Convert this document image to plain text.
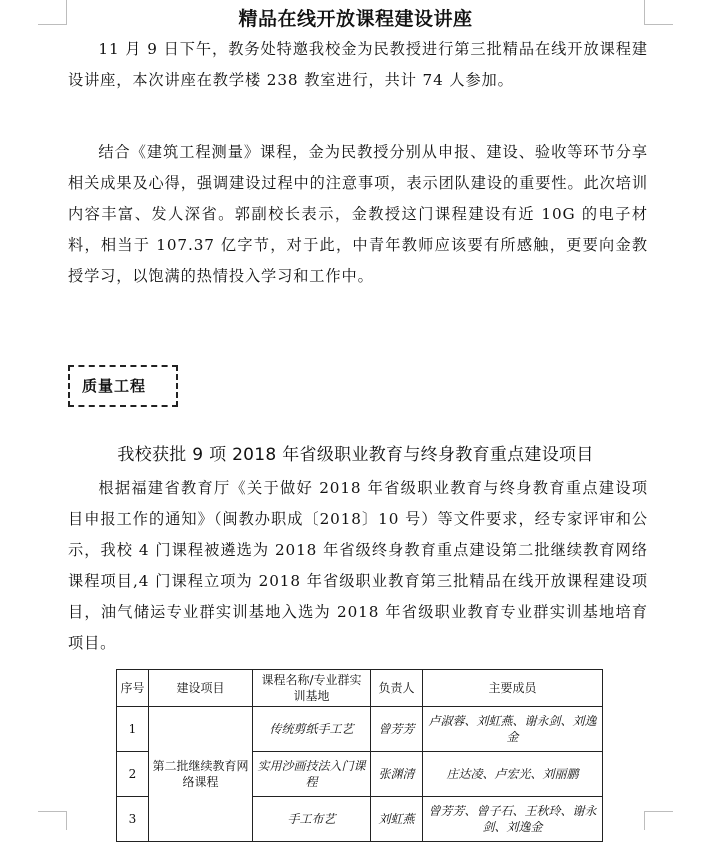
精品在线开放课程建设讲座

11 月 9 日下午，教务处特邀我校金为民教授进行第三批精品在线开放课程建设讲座，本次讲座在教学楼 238 教室进行，共计 74 人参加。

结合《建筑工程测量》课程，金为民教授分别从申报、建设、验收等环节分享相关成果及心得，强调建设过程中的注意事项，表示团队建设的重要性。此次培训内容丰富、发人深省。郭副校长表示，金教授这门课程建设有近 10G 的电子材料，相当于 107.37 亿字节，对于此，中青年教师应该要有所感触，更要向金教授学习，以饱满的热情投入学习和工作中。

质量工程
我校获批 9 项 2018 年省级职业教育与终身教育重点建设项目

根据福建省教育厅《关于做好 2018 年省级职业教育与终身教育重点建设项目申报工作的通知》（闽教办职成〔2018〕10 号）等文件要求，经专家评审和公示，我校 4 门课程被遴选为 2018 年省级终身教育重点建设第二批继续教育网络课程项目,4 门课程立项为 2018 年省级职业教育第三批精品在线开放课程建设项目，油气储运专业群实训基地入选为 2018 年省级职业教育专业群实训基地培育项目。

序号	建设项目	课程名称/专业群实训基地	负责人	主要成员
1	第二批继续教育网络课程	传统剪纸手工艺	曾芳芳	卢淑蓉、刘虹燕、谢永剑、刘逸金
2		实用沙画技法入门课程	张渊清	庄达凌、卢宏光、刘丽鹏
3		手工布艺	刘虹燕	曾芳芳、曾子石、王秋玲、谢永剑、刘逸金
